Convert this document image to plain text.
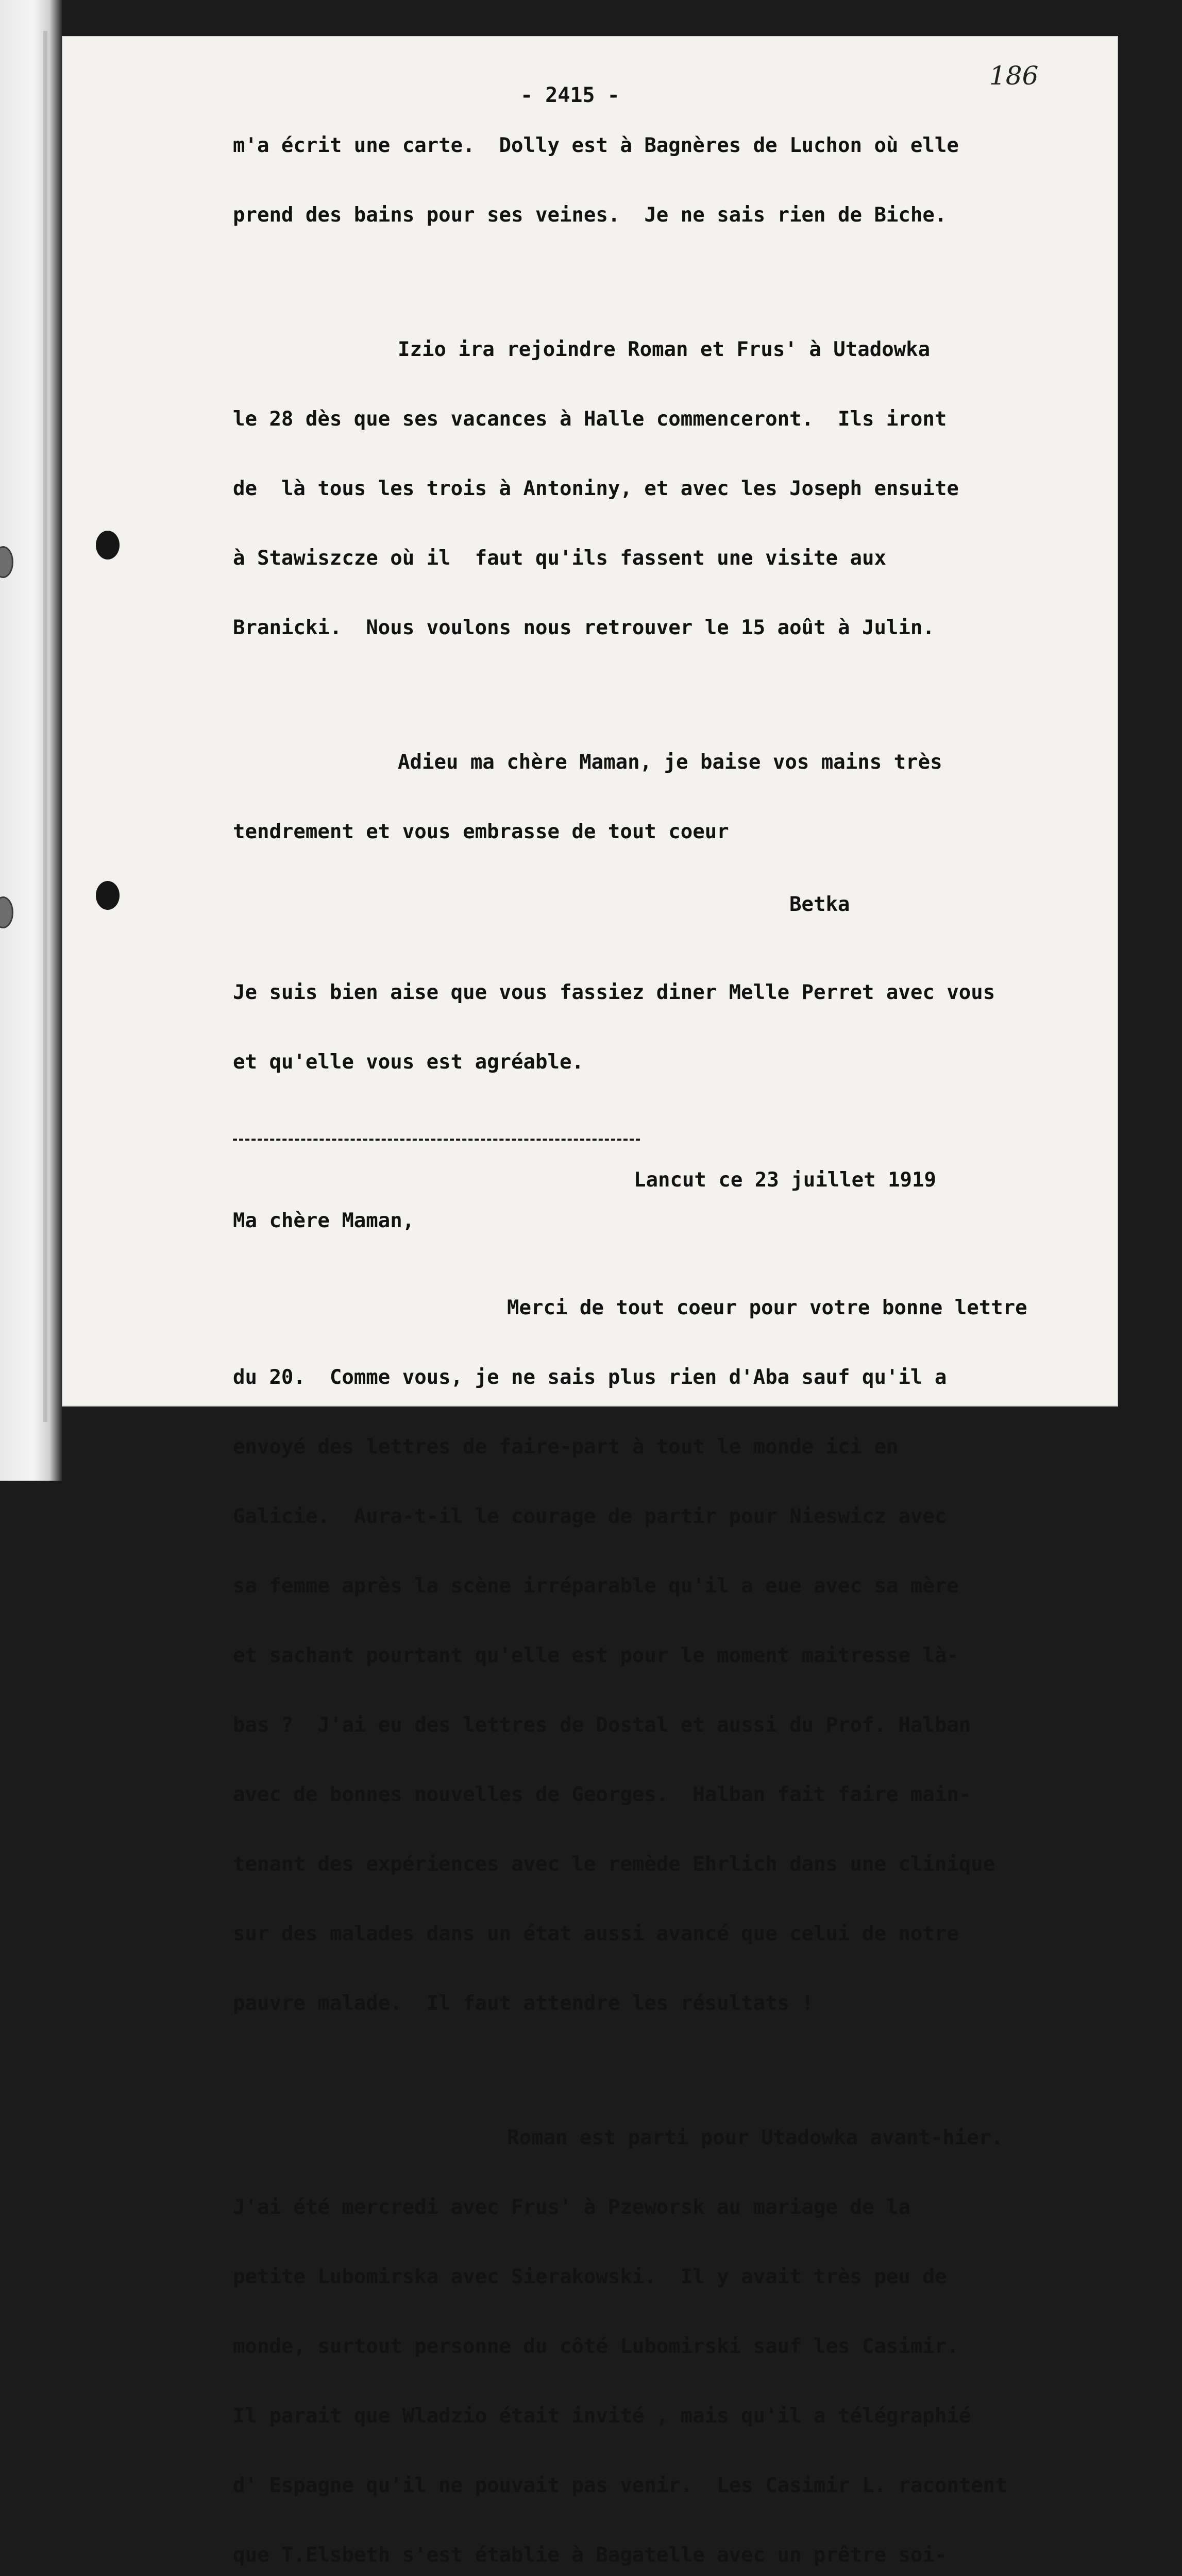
186
- 2415 -

m'a écrit une carte.  Dolly est à Bagnères de Luchon où elle

prend des bains pour ses veines.  Je ne sais rien de Biche.

Izio ira rejoindre Roman et Frus' à Utadowka

le 28 dès que ses vacances à Halle commenceront.  Ils iront

de  là tous les trois à Antoniny, et avec les Joseph ensuite

à Stawiszcze où il  faut qu'ils fassent une visite aux

Branicki.  Nous voulons nous retrouver le 15 août à Julin.

Adieu ma chère Maman, je baise vos mains très

tendrement et vous embrasse de tout coeur

Betka

Je suis bien aise que vous fassiez diner Melle Perret avec vous

et qu'elle vous est agréable.

Lancut ce 23 juillet 1919
Ma chère Maman,

Merci de tout coeur pour votre bonne lettre

du 20.  Comme vous, je ne sais plus rien d'Aba sauf qu'il a

envoyé des lettres de faire-part à tout le monde ici en

Galicie.  Aura-t-il le courage de partir pour Nieswicz avec

sa femme après la scène irréparable qu'il a eue avec sa mère

et sachant pourtant qu'elle est pour le moment maitresse là-

bas ?  J'ai eu des lettres de Dostal et aussi du Prof. Halban

avec de bonnes nouvelles de Georges.  Halban fait faire main-

tenant des expériences avec le remède Ehrlich dans une clinique

sur des malades dans un état aussi avancé que celui de notre

pauvre malade.  Il faut attendre les résultats !

Roman est parti pour Utadowka avant-hier.

J'ai été mercredi avec Frus' à Pzeworsk au mariage de la

petite Lubomirska avec Sierakowski.  Il y avait très peu de

monde, surtout personne du côté Lubomirski sauf les Casimir.

Il parait que Wladzio était invité , mais qu'il a télégraphié

d' Espagne qu'il ne pouvait pas venir.  Les Casimir L. racontent

que T.Elsbeth s'est établie à Bagatelle avec un prêtre soi-
